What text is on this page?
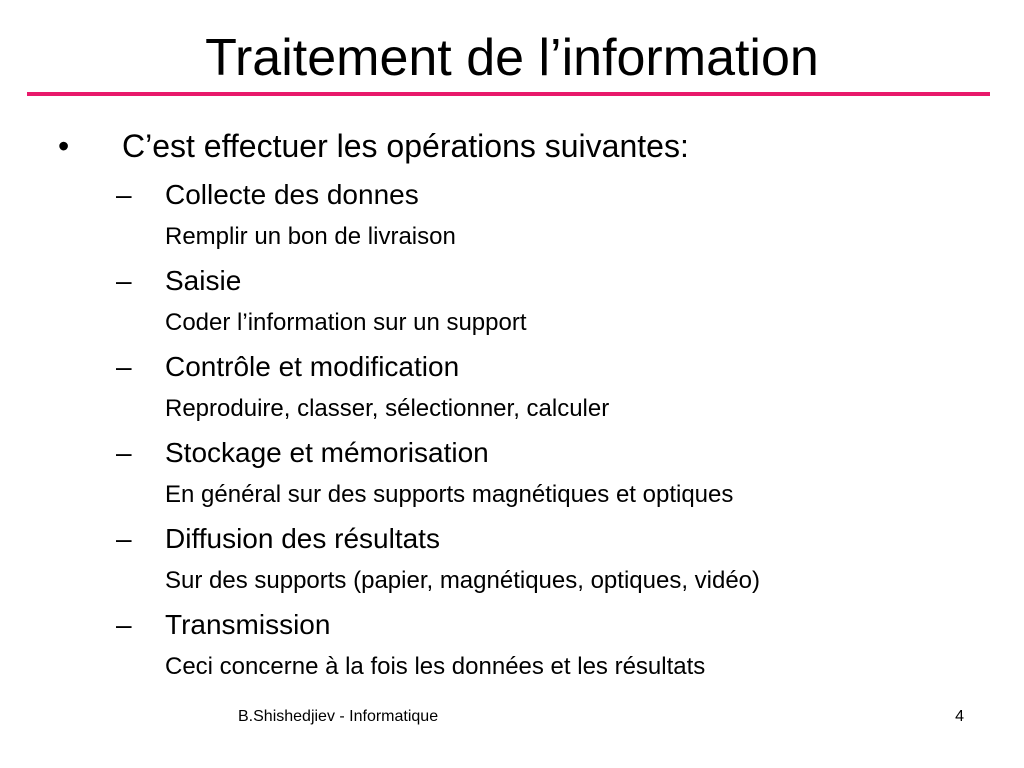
Traitement de l’information
• C’est effectuer les opérations suivantes:
– Collecte des donnes
Remplir un bon de livraison
– Saisie
Coder l’information sur un support
– Contrôle et modification
Reproduire, classer, sélectionner, calculer
– Stockage et mémorisation
En général sur des supports magnétiques et optiques
– Diffusion des résultats
Sur des supports (papier, magnétiques, optiques, vidéo)
– Transmission
Ceci concerne à la fois les données et les résultats
B.Shishedjiev - Informatique	4
